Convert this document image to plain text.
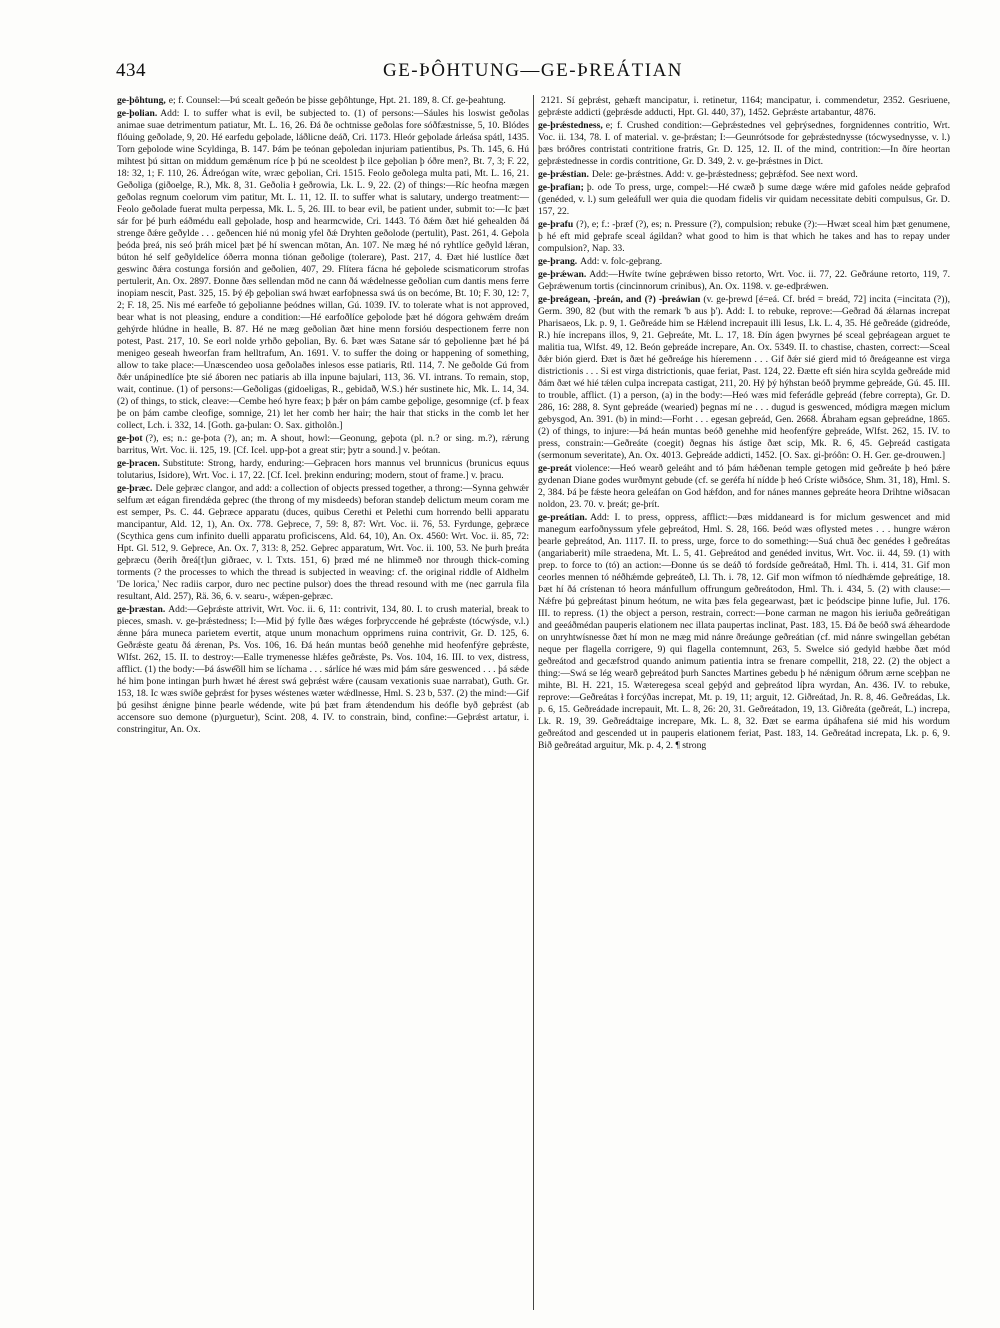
434	GE-ÞÔHTUNG—GE-ÞREÁTIAN

ge-þôhtung, e; f. Counsel:—Þú scealt geðeón be þisse geþôhtunge, Hpt. 21. 189, 8. Cf. ge-þeahtung.

ge-þolian. Add: I. to suffer what is evil, be subjected to. (1) of persons:—Sáules his loswist geðolas animae suae detrimentum patiatur, Mt. L. 16, 26. Ðá ðe ochtnisse geðolas fore sóðfæstnisse, 5, 10. Blódes flóuing geðolade, 9, 20. Hé earfedu geþolade, láðlicne deáð, Cri. 1173. Hleór geþolade árleása spátl, 1435. Torn geþolode wine Scyldinga, B. 147. Þám þe teónan geþoledan injuriam patientibus, Ps. Th. 145, 6. Hú mihtest þú sittan on middum gemǽnum ríce þ þú ne sceoldest þ ilce geþolian þ óðre men?, Bt. 7, 3; F. 22, 18: 32, 1; F. 110, 26. Ádreógan wíte, wræc geþolian, Cri. 1515. Feolo geðolega multa pati, Mt. L. 16, 21. Geðoliga (giðoelge, R.), Mk. 8, 31. Geðolia ł geðrowia, Lk. L. 9, 22. (2) of things:—Ríc heofna mægen geðolas regnum coelorum vim patitur, Mt. L. 11, 12. II. to suffer what is salutary, undergo treatment:—Feolo geðolade fuerat multa perpessa, Mk. L. 5, 26. III. to bear evil, be patient under, submit to:—Ic þæt sár for þé þurh eáðmédu eall geþolade, hosp and hearmcwide, Cri. 1443. Tó ðǽm ðæt hié gehealden ðá strenge ðǽre geðylde . . . geðencen hié nú monig yfel ðǽ Dryhten geðolode (pertulit), Past. 261, 4. Geþola þeóda þreá, nis seó þráh micel þæt þé hí swencan mōtan, An. 107. Ne mæg hé nó ryhtlíce geðyld lǽran, búton hé self geðyldelíce óðerra monna tiónan geðolige (tolerare), Past. 217, 4. Ðæt hié lustlíce ðæt geswinc ðǽra costunga forsión and geðolien, 407, 29. Flítera fácna hé geþolede scismaticorum strofas pertulerit, An. Ox. 2897. Ðonne ðæs sellendan mōd ne cann ðá wǽdelnesse geðolian cum dantis mens ferre inopiam nescit, Past. 325, 15. Þý éþ geþolian swá hwæt earfoþnessa swá ús on becóme, Bt. 10; F. 30, 12: 7, 2; F. 18, 25. Nis mé earfeðe tó geþolianne þeódnes willan, Gú. 1039. IV. to tolerate what is not approved, bear what is not pleasing, endure a condition:—Hé earfoðlíce geþolode þæt hé dógora gehwǽm dreám gehýrde hlúdne in healle, B. 87. Hé ne mæg geðolian ðæt hine menn forsióu despectionem ferre non potest, Past. 217, 10. Se eorl nolde yrhðo geþolian, By. 6. Þæt wæs Satane sár tó geþolienne þæt hé þá menigeo geseah hweorfan fram helltrafum, An. 1691. V. to suffer the doing or happening of something, allow to take place:—Unæscendeo uosa geðolaðes inlesos esse patiaris, Rtl. 114, 7. Ne geðolde Gú from ðǽr unápinedlíce þte sié áboren nec patiaris ab illa inpune bajulari, 113, 36. VI. intrans. To remain, stop, wait, continue. (1) of persons:—Geðoligas (gidoeligas, R., gebidað, W.S.) hér sustinete hic, Mk. L. 14, 34. (2) of things, to stick, cleave:—Cembe heó hyre feax; þ þǽr on þám cambe geþolige, gesomnige (cf. þ feax þe on þám cambe cleofige, somnige, 21) let her comb her hair; the hair that sticks in the comb let her collect, Lch. i. 332, 14. [Goth. ga-þulan: O. Sax. githolôn.]

ge-þot (?), es; n.: ge-þota (?), an; m. A shout, howl:—Geonung, geþota (pl. n.? or sing. m.?), rǽrung barritus, Wrt. Voc. ii. 125, 19. [Cf. Icel. upp-þot a great stir; þytr a sound.] v. þeótan.

ge-þracen. Substitute: Strong, hardy, enduring:—Geþracen hors mannus vel brunnicus (brunicus equus tolutarius, Isidore), Wrt. Voc. i. 17, 22. [Cf. Icel. þrekinn enduring; modern, stout of frame.] v. þracu.

ge-þræc. Dele geþræc clangor, and add: a collection of objects pressed together, a throng:—Synna gehwǽr selfum æt eágan firendǽda geþrec (the throng of my misdeeds) beforan standeþ delictum meum coram me est semper, Ps. C. 44. Geþræce apparatu (duces, quibus Cerethi et Pelethi cum horrendo belli apparatu mancipantur, Ald. 12, 1), An. Ox. 778. Geþrece, 7, 59: 8, 87: Wrt. Voc. ii. 76, 53. Fyrdunge, geþræce (Scythica gens cum infinito duelli apparatu proficiscens, Ald. 64, 10), An. Ox. 4560: Wrt. Voc. ii. 85, 72: Hpt. Gl. 512, 9. Geþrece, An. Ox. 7, 313: 8, 252. Geþrec apparatum, Wrt. Voc. ii. 100, 53. Ne þurh þreáta geþræcu (ðerih ðreá[t]un giðraec, v. l. Txts. 151, 6) þræd mé ne hlimmeð nor through thick-coming torments (? the processes to which the thread is subjected in weaving: cf. the original riddle of Aldhelm 'De lorica,' Nec radiis carpor, duro nec pectine pulsor) does the thread resound with me (nec garrula fila resultant, Ald. 257), Rä. 36, 6. v. searu-, wǽpen-geþræc.

ge-þræstan. Add:—Geþrǽste attrivit, Wrt. Voc. ii. 6, 11: contrivit, 134, 80. I. to crush material, break to pieces, smash. v. ge-þrǽstedness; I:—Mid þý fylle ðæs wǽges forþryccende hé geþrǽste (tócwýsde, v.l.) ǽnne þára muneca parietem evertit, atque unum monachum opprimens ruina contrivit, Gr. D. 125, 6. Geðrǽste geatu ðá ǽrenan, Ps. Vos. 106, 16. Ðá heán muntas beóð genehhe mid heofenfýre geþrǽste, Wlfst. 262, 15. II. to destroy:—Ealle trymenesse hlǽfes geðrǽste, Ps. Vos. 104, 16. III. to vex, distress, afflict. (1) the body:—Þá áswe͡oll him se líchama . . . sárlíce hé wæs mid þám sáre geswenced . . . þá sǽde hé him þone intingan þurh hwæt hé ǽrest swá geþrǽst wǽre (causam vexationis suae narrabat), Guth. Gr. 153, 18. Ic wæs swíðe geþrǽst for þyses wéstenes wæter wǽdlnesse, Hml. S. 23 b, 537. (2) the mind:—Gif þú gesihst ǽnigne þinne þearle wédende, wite þú þæt fram ǽtendendum his deófle byð geþrǽst (ab accensore suo demone (p)urguetur), Scint. 208, 4. IV. to constrain, bind, confine:—Geþrǽst artatur, i. constringitur, An. Ox.

2121. Sí geþrǽst, gehæft mancipatur, i. retinetur, 1164; mancipatur, i. commendetur, 2352. Gesriuene, geþrǽste addicti (geþrǽsde adducti, Hpt. Gl. 440, 37), 1452. Geþrǽste artabantur, 4876.

ge-þrǽstedness, e; f. Crushed condition:—Geþrǽstednes vel geþrýsednes, forgnidennes contritio, Wrt. Voc. ii. 134, 78. I. of material. v. ge-þrǽstan; I:—Geunrótsode for geþrǽstednysse (tócwysednysse, v. l.) þæs bróðres contristati contritione fratris, Gr. D. 125, 12. II. of the mind, contrition:—In ðíre heortan geþrǽstednesse in cordis contritione, Gr. D. 349, 2. v. ge-þrǽstnes in Dict.

ge-þrǽstian. Dele: ge-þrǽstnes. Add: v. ge-þrǽstedness; geþrǽfod. See next word.

ge-þrafian; þ. ode To press, urge, compel:—Hé cwæð þ sume dæge wǽre mid gafoles neáde geþrafod (genéded, v. l.) sum geleáfull wer quia die quodam fidelis vir quidam necessitate debiti compulsus, Gr. D. 157, 22.

ge-þrafu (?), e; f.: -þræf (?), es; n. Pressure (?), compulsion; rebuke (?):—Hwæt sceal him þæt genumene, þ hé eft mid geþrafe sceal ágildan? what good to him is that which he takes and has to repay under compulsion?, Nap. 33.

ge-þrang. Add: v. folc-geþrang.

ge-þrǽwan. Add:—Hwíte twíne geþrǽwen bisso retorto, Wrt. Voc. ii. 77, 22. Geðráune retorto, 119, 7. Geþrǽwenum tortis (cincinnorum crinibus), An. Ox. 1198. v. ge-edþrǽwen.

ge-þreágean, -þreán, and (?) -þreáwian (v. ge-þrewd [é=eá. Cf. bréd = breád, 72] incita (=incitata (?)), Germ. 390, 82 (but with the remark 'b aus þ'). Add: I. to rebuke, reprove:—Geðrad ðá ǽlarnas increpat Pharisaeos, Lk. p. 9, 1. Geðreáde him se Hǽlend increpauit illi Iesus, Lk. L. 4, 35. Hé geðreáde (gidreóde, R.) híe increpans illos, 9, 21. Geþreáte, Mt. L. 17, 18. Ðín ágen þwyrnes þé sceal geþréagean arguet te malitia tua, Wlfst. 49, 12. Beón geþreáde increpare, An. Ox. 5349. II. to chastise, chasten, correct:—Sceal ðǽr bión gierd. Ðæt is ðæt hé geðreáge his híeremenn . . . Gif ðǽr sié gierd mid tó ðreágeanne est virga districtionis . . . Si est virga districtionis, quae feriat, Past. 124, 22. Ðætte eft sién hira scylda geðreáde mid ðám ðæt wé hié tǽlen culpa increpata castigat, 211, 20. Hý þý hýhstan beóð þrymme geþreáde, Gú. 45. III. to trouble, afflict. (1) a person, (a) in the body:—Heó wæs mid feferádle geþreád (febre correpta), Gr. D. 286, 16: 288, 8. Synt geþreáde (wearied) þegnas mí ne . . . dugud is geswenced, módigra mægen miclum gebysgod, An. 391. (b) in mind:—Forht . . . egesan geþreád, Gen. 2668. Ábraham egsan geþreádne, 1865. (2) of things, to injure:—Þá heán muntas beóð genehhe mid heofenfýre geþreáde, Wlfst. 262, 15. IV. to press, constrain:—Geðreáte (coegit) ðegnas his ástige ðæt scip, Mk. R. 6, 45. Geþreád castigata (sermonum severitate), An. Ox. 4013. Geþreáde addicti, 1452. [O. Sax. gi-þróôn: O. H. Ger. ge-drouwen.]

ge-preát violence:—Heó wearð geleáht and tó þám hǽðenan temple getogen mid geðreáte þ heó þǽre gydenan Diane godes wurðmynt gebude (cf. se geréfa hí nídde þ heó Críste wiðsóce, Shm. 31, 18), Hml. S. 2, 384. Þá þe fǽste heora geleáfan on God hǽfdon, and for nánes mannes geþreáte heora Drihtne wiðsacan noldon, 23. 70. v. þreát; ge-þrít.

ge-preátian. Add: I. to press, oppress, afflict:—Þæs middaneard is for miclum geswencet and mid manegum earfoðnyssum yfele geþreátod, Hml. S. 28, 166. Þeód wæs oflysted metes . . . hungre wǽron þearle geþreátod, An. 1117. II. to press, urge, force to do something:—Suá chuā ðec genédes ł geðreátas (angariaberit) míle straedena, Mt. L. 5, 41. Geþreátod and genéded invitus, Wrt. Voc. ii. 44, 59. (1) with prep. to force to (tó) an action:—Ðonne ús se deáð tó fordsíde geðreátað, Hml. Th. i. 414, 31. Gif mon ceorles mennen tó néðhǽmde geþreáteð, Ll. Th. i. 78, 12. Gif mon wífmon tó níedhǽmde geþreátige, 18. Þæt hí ðá crístenan tó heora mánfullum offrungum geðreátodon, Hml. Th. i. 434, 5. (2) with clause:—Nǽfre þú geþreátast þinum heótum, ne wita þæs fela gegearwast, þæt ic þeódscipe þinne lufie, Jul. 176. III. to repress. (1) the object a person, restrain, correct:—Þone carman ne magon his ieriuða geðreátigan and geeáðmédan pauperis elationem nec illata paupertas inclinat, Past. 183, 15. Ðá ðe beóð swá ǽheardode on unryhtwísnesse ðæt hí mon ne mæg mid nánre ðreáunge geðreátian (cf. mid nánre swingellan gebétan neque per flagella corrigere, 9) qui flagella contemnunt, 263, 5. Swelce sió gedyld hæbbe ðæt mód geðreátod and gecæfstrod quando animum patientia intra se frenare compellit, 218, 22. (2) the object a thing:—Swá se lég wearð geþreátod þurh Sanctes Martines gebedu þ hé nǽnigum óðrum ærne sceþþan ne mihte, Bl. H. 221, 15. Wæteregesa sceal geþýd and geþreátod líþra wyrdan, An. 436. IV. to rebuke, reprove:—Geðreátas ł forcýðas increpat, Mt. p. 19, 11; arguit, 12. Giðreátad, Jn. R. 8, 46. Geðreádas, Lk. p. 6, 15. Geðreádade increpauit, Mt. L. 8, 26: 20, 31. Geðreátadon, 19, 13. Giðreáta (geðreát, L.) increpa, Lk. R. 19, 39. Geðreádtaige increpare, Mk. L. 8, 32. Ðæt se earma úpáhafena sié mid his wordum geðreátod and gescended ut in pauperis elationem feriat, Past. 183, 14. Geðreátad increpata, Lk. p. 6, 9. Bið geðreátad arguitur, Mk. p. 4, 2. ¶ strong
